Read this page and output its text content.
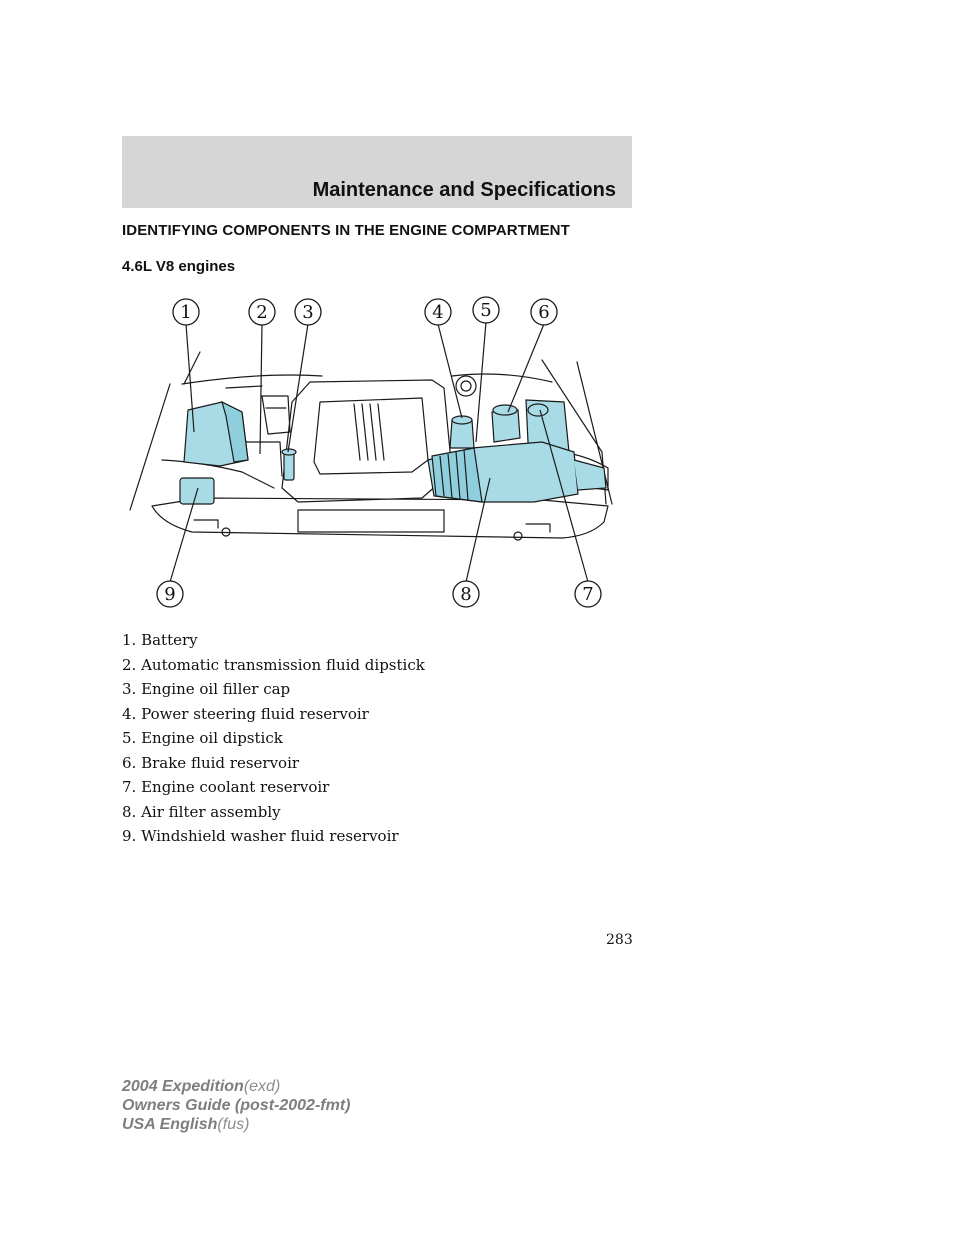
Maintenance and Specifications
IDENTIFYING COMPONENTS IN THE ENGINE COMPARTMENT
4.6L V8 engines
1	2 3	4 5	6
7
8
9
1. Battery
2. Automatic transmission fluid dipstick
3. Engine oil filler cap
4. Power steering fluid reservoir
5. Engine oil dipstick
6. Brake fluid reservoir
7. Engine coolant reservoir
8. Air filter assembly
9. Windshield washer fluid reservoir
283
2004 Expedition(exd)
Owners Guide (post-2002-fmt)
USA English(fus)
